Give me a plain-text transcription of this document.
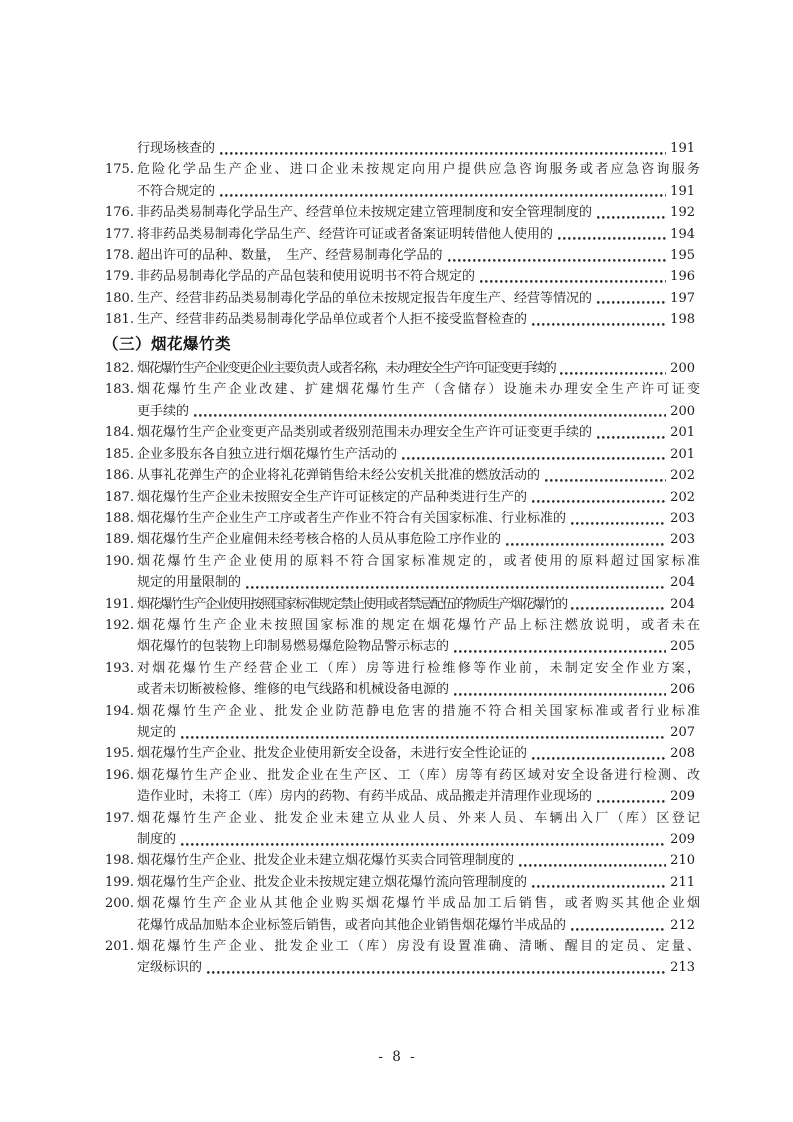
行现场核查的	191
175. 危险化学品生产企业、进口企业未按规定向用户提供应急咨询服务或者应急咨询服务
不符合规定的	191
176. 非药品类易制毒化学品生产、经营单位未按规定建立管理制度和安全管理制度的	192
177. 将非药品类易制毒化学品生产、经营许可证或者备案证明转借他人使用的	194
178. 超出许可的品种、数量，　生产、经营易制毒化学品的	195
179. 非药品易制毒化学品的产品包装和使用说明书不符合规定的	196
180. 生产、经营非药品类易制毒化学品的单位未按规定报告年度生产、经营等情况的	197
181. 生产、经营非药品类易制毒化学品单位或者个人拒不接受监督检查的	198
（三）烟花爆竹类
182. 烟花爆竹生产企业变更企业主要负责人或者名称，未办理安全生产许可证变更手续的	200
183. 烟花爆竹生产企业改建、扩建烟花爆竹生产（含储存）设施未办理安全生产许可证变
更手续的	200
184. 烟花爆竹生产企业变更产品类别或者级别范围未办理安全生产许可证变更手续的	201
185. 企业多股东各自独立进行烟花爆竹生产活动的	201
186. 从事礼花弹生产的企业将礼花弹销售给未经公安机关批准的燃放活动的	202
187. 烟花爆竹生产企业未按照安全生产许可证核定的产品种类进行生产的	202
188. 烟花爆竹生产企业生产工序或者生产作业不符合有关国家标准、行业标准的	203
189. 烟花爆竹生产企业雇佣未经考核合格的人员从事危险工序作业的	203
190. 烟花爆竹生产企业使用的原料不符合国家标准规定的，或者使用的原料超过国家标准
规定的用量限制的	204
191. 烟花爆竹生产企业使用按照国家标准规定禁止使用或者禁忌配伍的物质生产烟花爆竹的	204
192. 烟花爆竹生产企业未按照国家标准的规定在烟花爆竹产品上标注燃放说明，或者未在
烟花爆竹的包装物上印制易燃易爆危险物品警示标志的	205
193. 对烟花爆竹生产经营企业工（库）房等进行检维修等作业前，未制定安全作业方案，
或者未切断被检修、维修的电气线路和机械设备电源的	206
194. 烟花爆竹生产企业、批发企业防范静电危害的措施不符合相关国家标准或者行业标准
规定的	207
195. 烟花爆竹生产企业、批发企业使用新安全设备，未进行安全性论证的	208
196. 烟花爆竹生产企业、批发企业在生产区、工（库）房等有药区域对安全设备进行检测、改
造作业时，未将工（库）房内的药物、有药半成品、成品搬走并清理作业现场的	209
197. 烟花爆竹生产企业、批发企业未建立从业人员、外来人员、车辆出入厂（库）区登记
制度的	209
198. 烟花爆竹生产企业、批发企业未建立烟花爆竹买卖合同管理制度的	210
199. 烟花爆竹生产企业、批发企业未按规定建立烟花爆竹流向管理制度的	211
200. 烟花爆竹生产企业从其他企业购买烟花爆竹半成品加工后销售，或者购买其他企业烟
花爆竹成品加贴本企业标签后销售，或者向其他企业销售烟花爆竹半成品的	212
201. 烟花爆竹生产企业、批发企业工（库）房没有设置准确、清晰、醒目的定员、定量、
定级标识的	213
- 8 -
